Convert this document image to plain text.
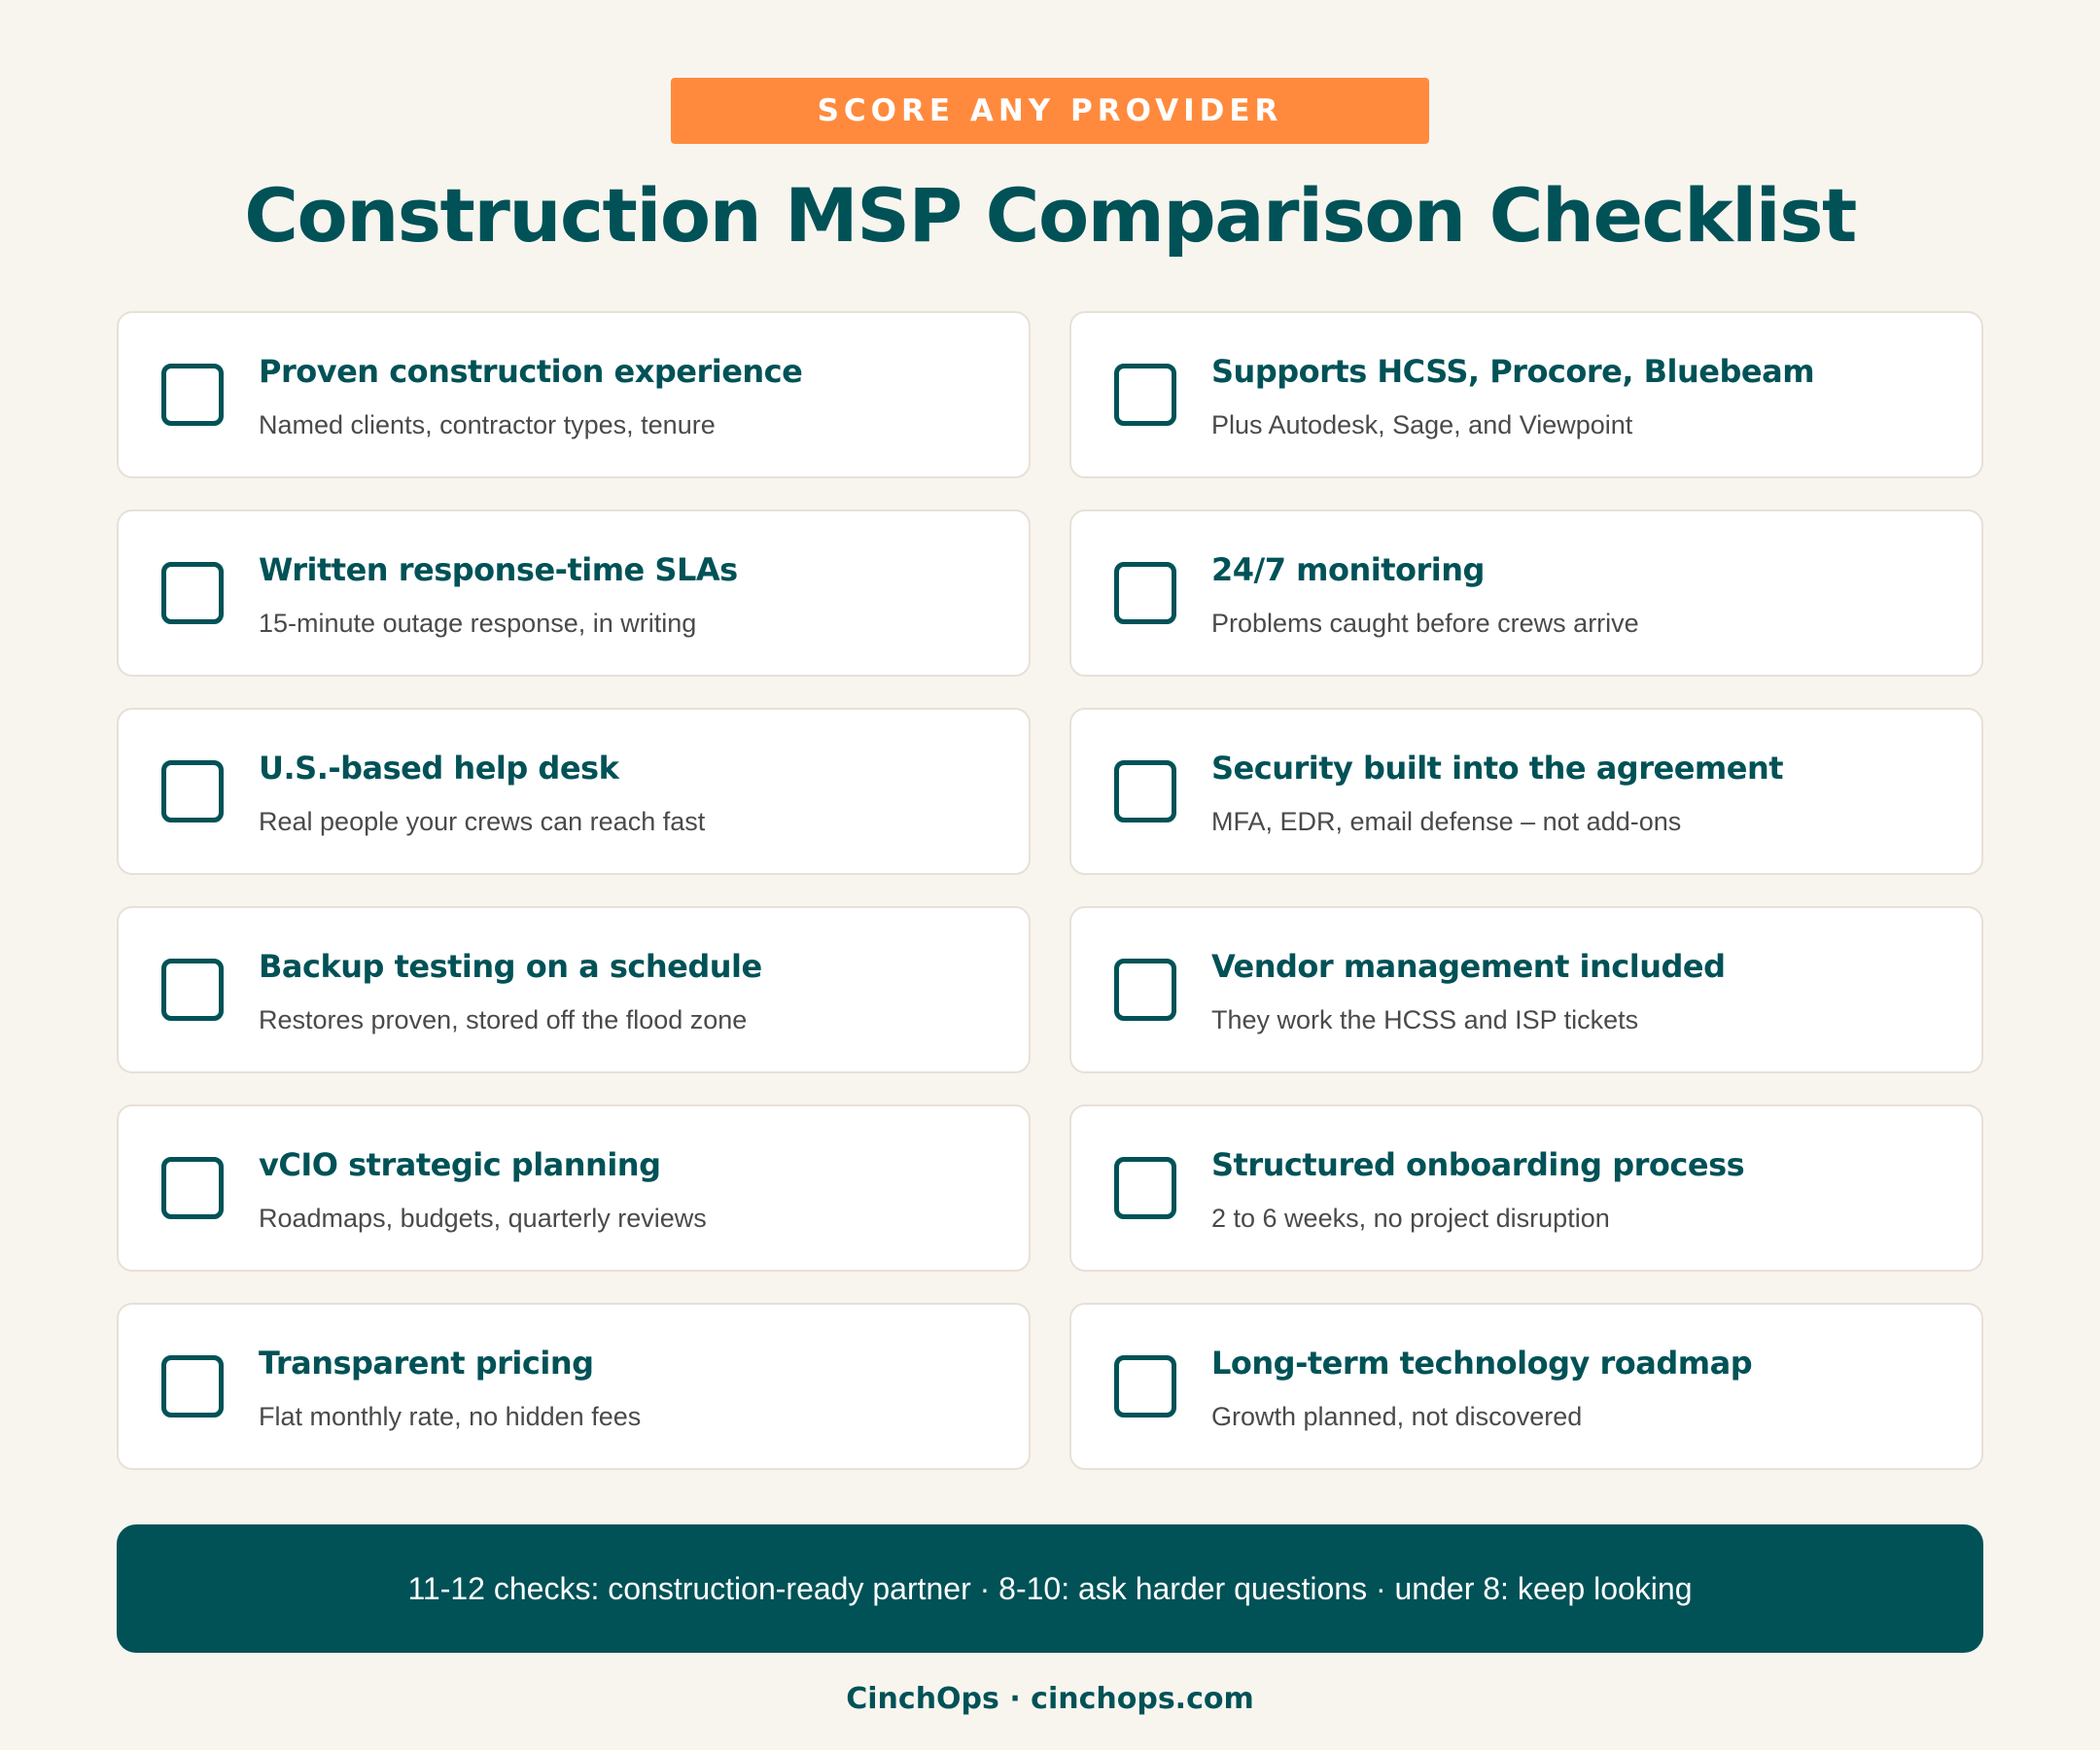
SCORE ANY PROVIDER
Construction MSP Comparison Checklist
Proven construction experience
Named clients, contractor types, tenure
Supports HCSS, Procore, Bluebeam
Plus Autodesk, Sage, and Viewpoint
Written response-time SLAs
15-minute outage response, in writing
24/7 monitoring
Problems caught before crews arrive
U.S.-based help desk
Real people your crews can reach fast
Security built into the agreement
MFA, EDR, email defense – not add-ons
Backup testing on a schedule
Restores proven, stored off the flood zone
Vendor management included
They work the HCSS and ISP tickets
vCIO strategic planning
Roadmaps, budgets, quarterly reviews
Structured onboarding process
2 to 6 weeks, no project disruption
Transparent pricing
Flat monthly rate, no hidden fees
Long-term technology roadmap
Growth planned, not discovered
11-12 checks: construction-ready partner · 8-10: ask harder questions · under 8: keep looking
CinchOps · cinchops.com
